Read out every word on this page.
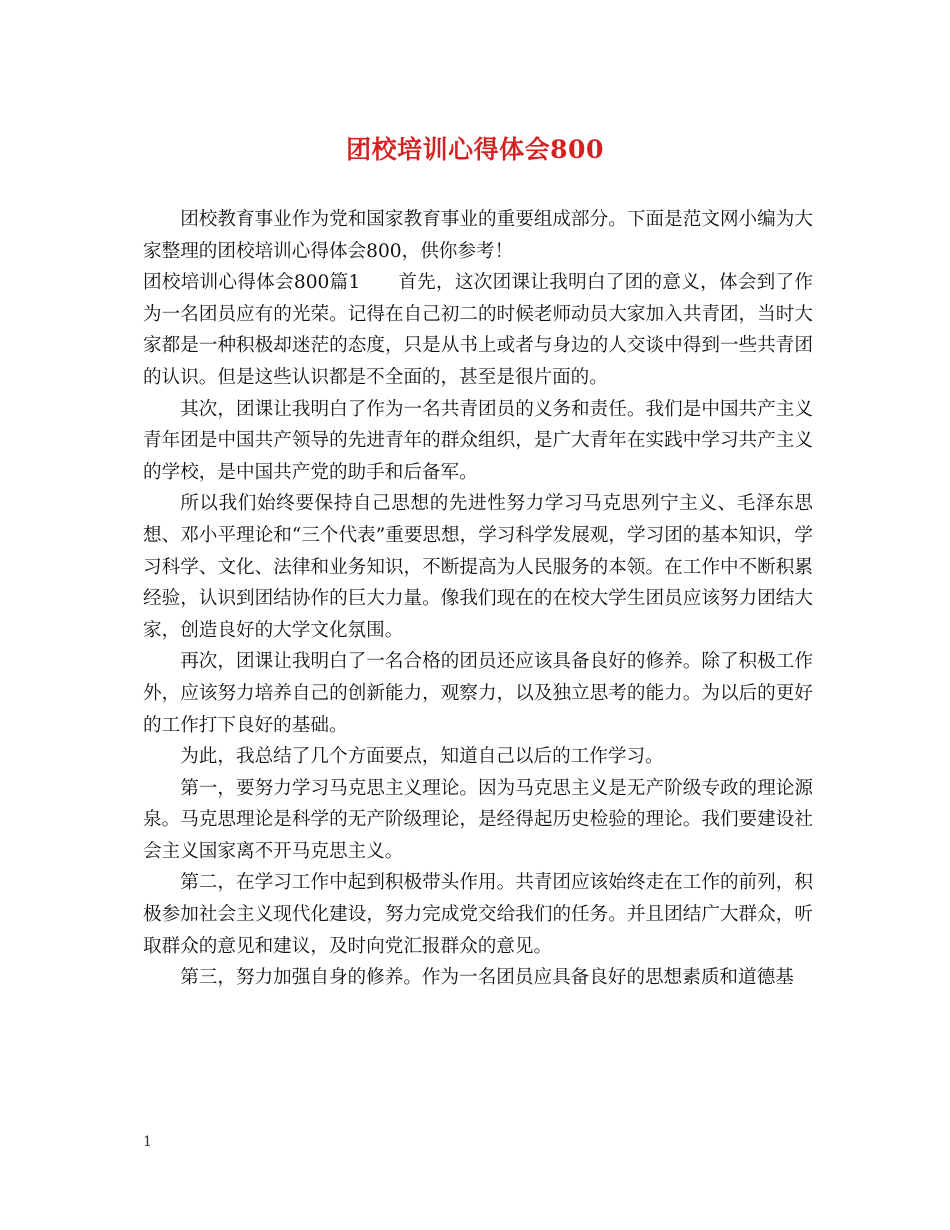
团校培训心得体会800

团校教育事业作为党和国家教育事业的重要组成部分。下面是范文网小编为大家整理的团校培训心得体会800，供你参考！

团校培训心得体会800篇1　　首先，这次团课让我明白了团的意义，体会到了作为一名团员应有的光荣。记得在自己初二的时候老师动员大家加入共青团，当时大家都是一种积极却迷茫的态度，只是从书上或者与身边的人交谈中得到一些共青团的认识。但是这些认识都是不全面的，甚至是很片面的。

其次，团课让我明白了作为一名共青团员的义务和责任。我们是中国共产主义青年团是中国共产领导的先进青年的群众组织，是广大青年在实践中学习共产主义的学校，是中国共产党的助手和后备军。

所以我们始终要保持自己思想的先进性努力学习马克思列宁主义、毛泽东思想、邓小平理论和“三个代表”重要思想，学习科学发展观，学习团的基本知识，学习科学、文化、法律和业务知识，不断提高为人民服务的本领。在工作中不断积累经验，认识到团结协作的巨大力量。像我们现在的在校大学生团员应该努力团结大家，创造良好的大学文化氛围。

再次，团课让我明白了一名合格的团员还应该具备良好的修养。除了积极工作外，应该努力培养自己的创新能力，观察力，以及独立思考的能力。为以后的更好的工作打下良好的基础。

为此，我总结了几个方面要点，知道自己以后的工作学习。

第一，要努力学习马克思主义理论。因为马克思主义是无产阶级专政的理论源泉。马克思理论是科学的无产阶级理论，是经得起历史检验的理论。我们要建设社会主义国家离不开马克思主义。

第二，在学习工作中起到积极带头作用。共青团应该始终走在工作的前列，积极参加社会主义现代化建设，努力完成党交给我们的任务。并且团结广大群众，听取群众的意见和建议，及时向党汇报群众的意见。

第三，努力加强自身的修养。作为一名团员应具备良好的思想素质和道德基

1
